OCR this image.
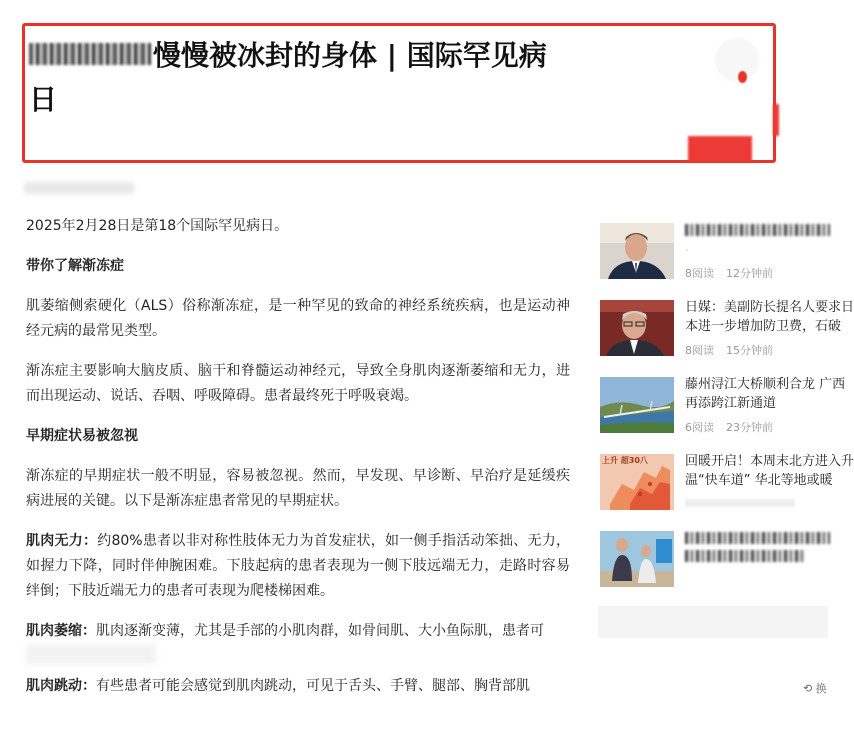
慢慢被冰封的身体 | 国际罕见病日

2025年2月28日是第18个国际罕见病日。

带你了解渐冻症

肌萎缩侧索硬化（ALS）俗称渐冻症，是一种罕见的致命的神经系统疾病，也是运动神经元病的最常见类型。

渐冻症主要影响大脑皮质、脑干和脊髓运动神经元，导致全身肌肉逐渐萎缩和无力，进而出现运动、说话、吞咽、呼吸障碍。患者最终死于呼吸衰竭。

早期症状易被忽视

渐冻症的早期症状一般不明显，容易被忽视。然而，早发现、早诊断、早治疗是延缓疾病进展的关键。以下是渐冻症患者常见的早期症状。

肌肉无力：约80%患者以非对称性肢体无力为首发症状，如一侧手指活动笨拙、无力，如握力下降，同时伴伸腕困难。下肢起病的患者表现为一侧下肢远端无力，走路时容易绊倒；下肢近端无力的患者可表现为爬楼梯困难。

肌肉萎缩：肌肉逐渐变薄，尤其是手部的小肌肉群，如骨间肌、大小鱼际肌，患者可

肌肉跳动：有些患者可能会感觉到肌肉跳动，可见于舌头、手臂、腿部、胸背部肌

·
8阅读 12分钟前
日媒：美副防长提名人要求日
本进一步增加防卫费，石破
8阅读 15分钟前
藤州浔江大桥顺利合龙 广西
再添跨江新通道
6阅读 23分钟前
上升 超30八	回暖开启！本周末北方进入升
温“快车道” 华北等地或暖
⟲ 换
